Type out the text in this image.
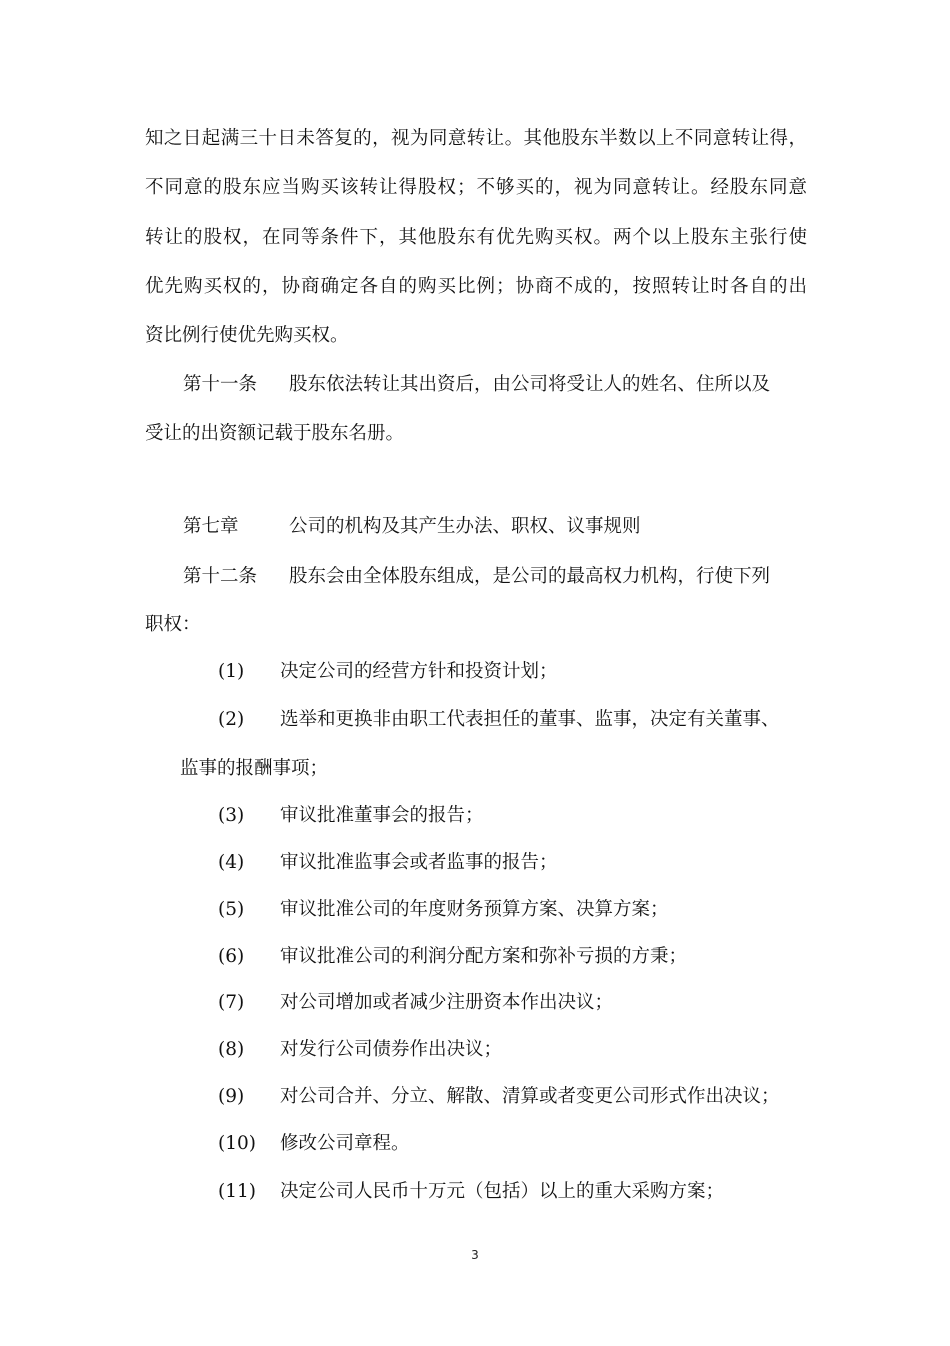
知之日起满三十日未答复的，视为同意转让。其他股东半数以上不同意转让得，
不同意的股东应当购买该转让得股权；不够买的，视为同意转让。经股东同意
转让的股权，在同等条件下，其他股东有优先购买权。两个以上股东主张行使
优先购买权的，协商确定各自的购买比例；协商不成的，按照转让时各自的出
资比例行使优先购买权。
第十一条 股东依法转让其出资后，由公司将受让人的姓名、住所以及
受让的出资额记载于股东名册。
第七章	公司的机构及其产生办法、职权、议事规则
第十二条 股东会由全体股东组成，是公司的最高权力机构，行使下列
职权：
(1) 决定公司的经营方针和投资计划；
(2) 选举和更换非由职工代表担任的董事、监事，决定有关董事、
监事的报酬事项；
(3) 审议批准董事会的报告；
(4) 审议批准监事会或者监事的报告；
(5) 审议批准公司的年度财务预算方案、决算方案；
(6) 审议批准公司的利润分配方案和弥补亏损的方秉；
(7) 对公司增加或者减少注册资本作出决议；
(8) 对发行公司债券作出决议；
(9) 对公司合并、分立、解散、清算或者变更公司形式作出决议；
(10) 修改公司章程。
(11) 决定公司人民币十万元（包括）以上的重大采购方案；
3
